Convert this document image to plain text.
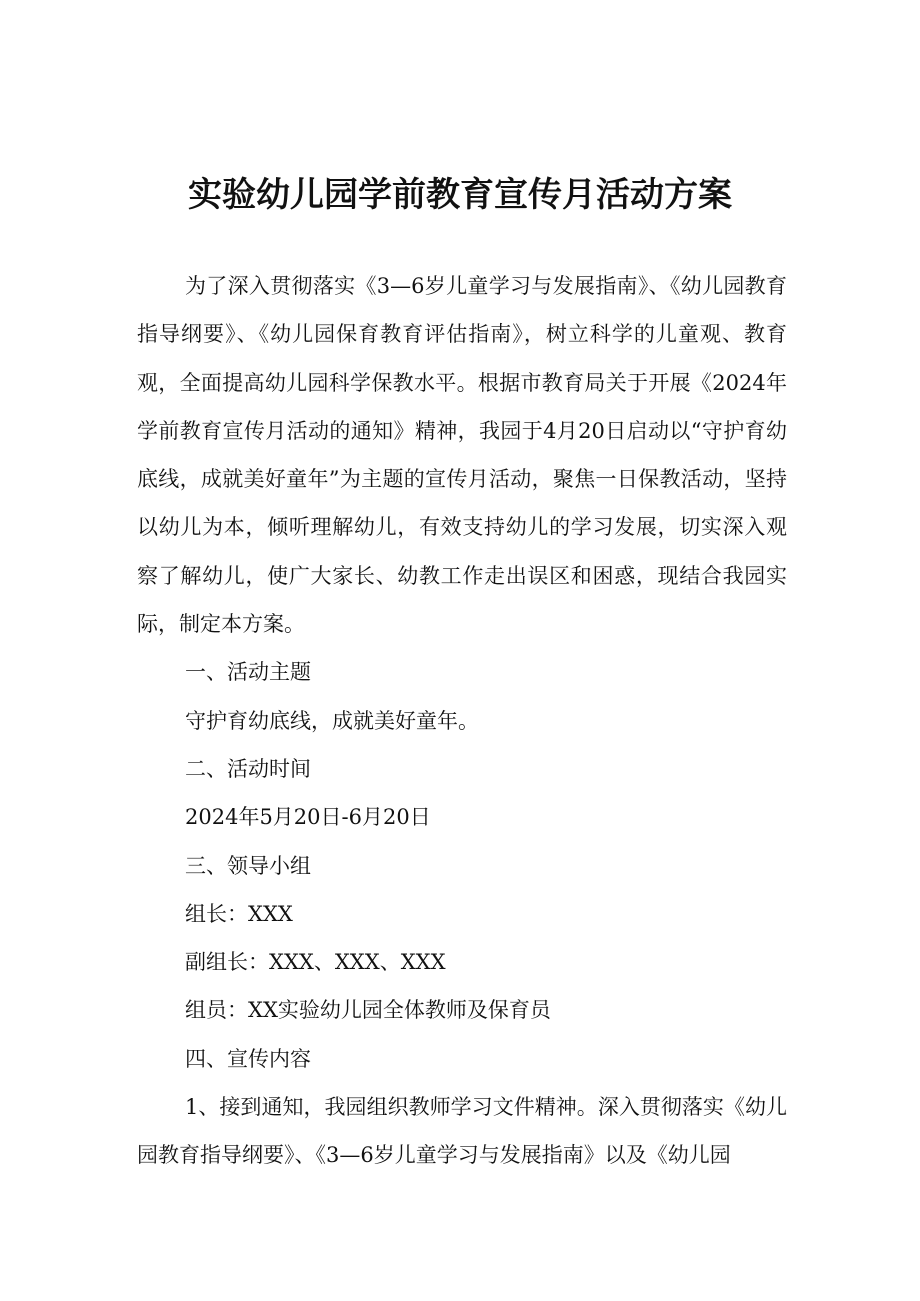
实验幼儿园学前教育宣传月活动方案

为了深入贯彻落实《3—6岁儿童学习与发展指南》、《幼儿园教育指导纲要》、《幼儿园保育教育评估指南》，树立科学的儿童观、教育观，全面提高幼儿园科学保教水平。根据市教育局关于开展《2024年学前教育宣传月活动的通知》精神，我园于4月20日启动以“守护育幼底线，成就美好童年”为主题的宣传月活动，聚焦一日保教活动，坚持以幼儿为本，倾听理解幼儿，有效支持幼儿的学习发展，切实深入观察了解幼儿，使广大家长、幼教工作走出误区和困惑，现结合我园实际，制定本方案。

一、活动主题

守护育幼底线，成就美好童年。

二、活动时间

2024年5月20日-6月20日

三、领导小组

组长：XXX

副组长：XXX、XXX、XXX

组员：XX实验幼儿园全体教师及保育员

四、宣传内容

1、接到通知，我园组织教师学习文件精神。深入贯彻落实《幼儿园教育指导纲要》、《3—6岁儿童学习与发展指南》以及《幼儿园
